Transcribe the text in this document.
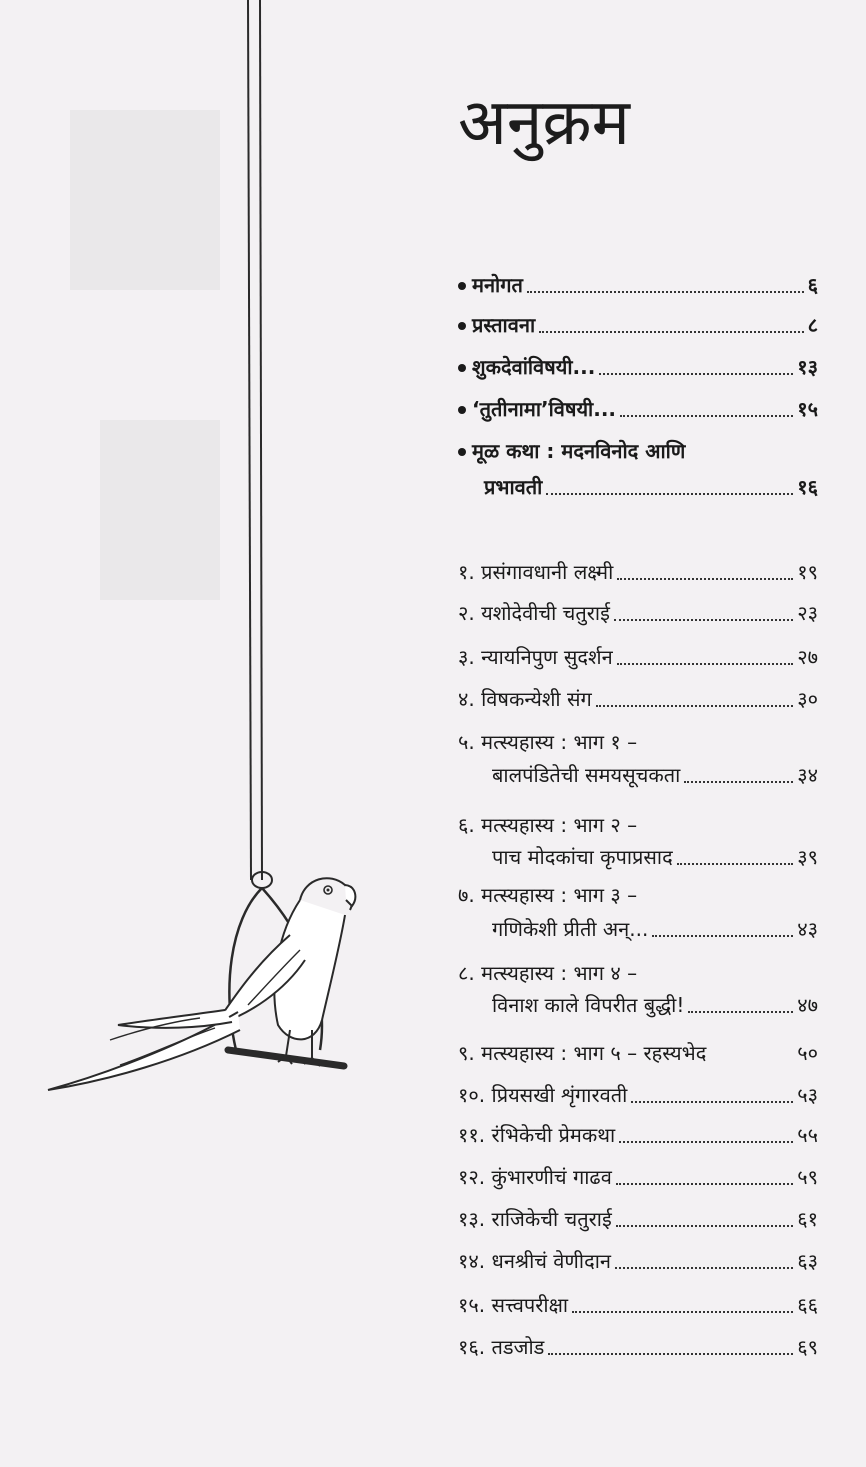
अनुक्रम
मनोगत	६
प्रस्तावना	८
शुकदेवांविषयी...	१३
‘तुतीनामा’विषयी...	१५
मूळ कथा : मदनविनोद आणि
प्रभावती	१६
१. प्रसंगावधानी लक्ष्मी	१९
२. यशोदेवीची चतुराई	२३
३. न्यायनिपुण सुदर्शन	२७
४. विषकन्येशी संग	३०
५. मत्स्यहास्य : भाग १ –
बालपंडितेची समयसूचकता	३४
६. मत्स्यहास्य : भाग २ –
पाच मोदकांचा कृपाप्रसाद	३९
७. मत्स्यहास्य : भाग ३ –
गणिकेशी प्रीती अन्...	४३
८. मत्स्यहास्य : भाग ४ –
विनाश काले विपरीत बुद्धी!	४७
९. मत्स्यहास्य : भाग ५ – रहस्यभेद	५०
१०. प्रियसखी शृंगारवती	५३
११. रंभिकेची प्रेमकथा	५५
१२. कुंभारणीचं गाढव	५९
१३. राजिकेची चतुराई	६१
१४. धनश्रीचं वेणीदान	६३
१५. सत्त्वपरीक्षा	६६
१६. तडजोड	६९
